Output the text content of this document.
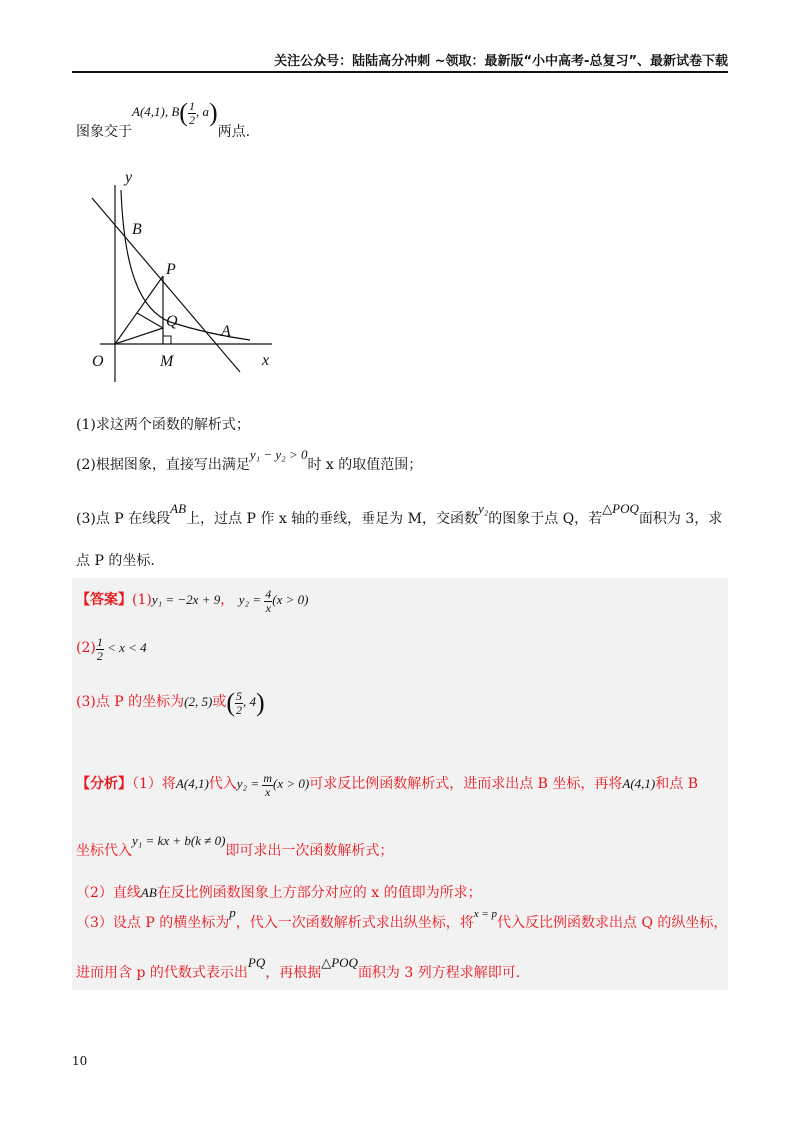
关注公众号：陆陆高分冲刺 ~领取：最新版“小中高考-总复习”、最新试卷下载
图象交于A(4,1), $B( \frac{1}{2}$ , a)两点.
y
x
O
B
P
Q
A
M
(1)求这两个函数的解析式；
(2)根据图象，直接写出满足y₁ − y₂ > 0时 x 的取值范围；
(3)点 P 在线段AB上，过点 P 作 x 轴的垂线，垂足为 M，交函数y₂的图象于点 Q，若△POQ面积为 3，求
点 P 的坐标.
【答案】(1)y₁ = −2x + 9， $y_2 = \frac{4}{x} (x > 0)$
$(2) \frac{1}{2} < x < 4$
(3)点 P 的坐标为(2, 5)或( $\frac{5}{2}$ , 4)
【分析】（1）将A(4,1)代入$y_2 = \frac{m}{x} (x > 0)$可求反比例函数解析式，进而求出点 B 坐标，再将A(4,1)和点 B
坐标代入y₁ = kx + b(k ≠ 0)即可求出一次函数解析式；
（2）直线AB在反比例函数图象上方部分对应的 x 的值即为所求；
（3）设点 P 的横坐标为p，代入一次函数解析式求出纵坐标，将$^{x = p}$代入反比例函数求出点 Q 的纵坐标，
进而用含 p 的代数式表示出PQ，再根据△POQ面积为 3 列方程求解即可.
10
